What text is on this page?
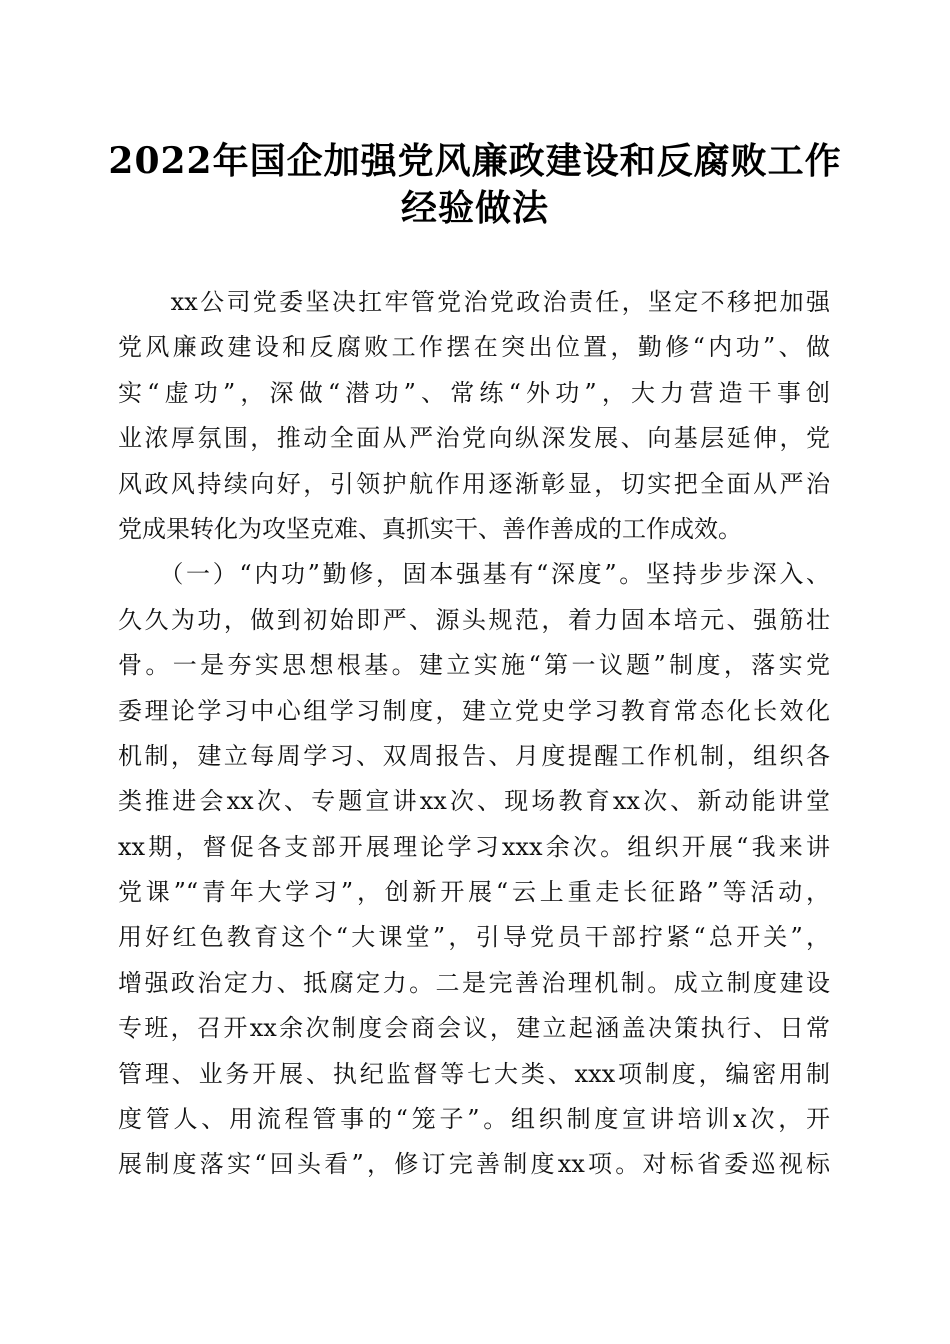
2022年国企加强党风廉政建设和反腐败工作
经验做法
　　xx公司党委坚决扛牢管党治党政治责任，坚定不移把加强
党风廉政建设和反腐败工作摆在突出位置，勤修“内功”、做
实“虚功”，深做“潜功”、常练“外功”，大力营造干事创
业浓厚氛围，推动全面从严治党向纵深发展、向基层延伸，党
风政风持续向好，引领护航作用逐渐彰显，切实把全面从严治
党成果转化为攻坚克难、真抓实干、善作善成的工作成效。
　　（一）“内功”勤修，固本强基有“深度”。坚持步步深入、
久久为功，做到初始即严、源头规范，着力固本培元、强筋壮
骨。一是夯实思想根基。建立实施“第一议题”制度，落实党
委理论学习中心组学习制度，建立党史学习教育常态化长效化
机制，建立每周学习、双周报告、月度提醒工作机制，组织各
类推进会xx次、专题宣讲xx次、现场教育xx次、新动能讲堂
xx期，督促各支部开展理论学习xxx余次。组织开展“我来讲
党课”“青年大学习”，创新开展“云上重走长征路”等活动，
用好红色教育这个“大课堂”，引导党员干部拧紧“总开关”，
增强政治定力、抵腐定力。二是完善治理机制。成立制度建设
专班，召开xx余次制度会商会议，建立起涵盖决策执行、日常
管理、业务开展、执纪监督等七大类、xxx项制度，编密用制
度管人、用流程管事的“笼子”。组织制度宣讲培训x次，开
展制度落实“回头看”，修订完善制度xx项。对标省委巡视标
